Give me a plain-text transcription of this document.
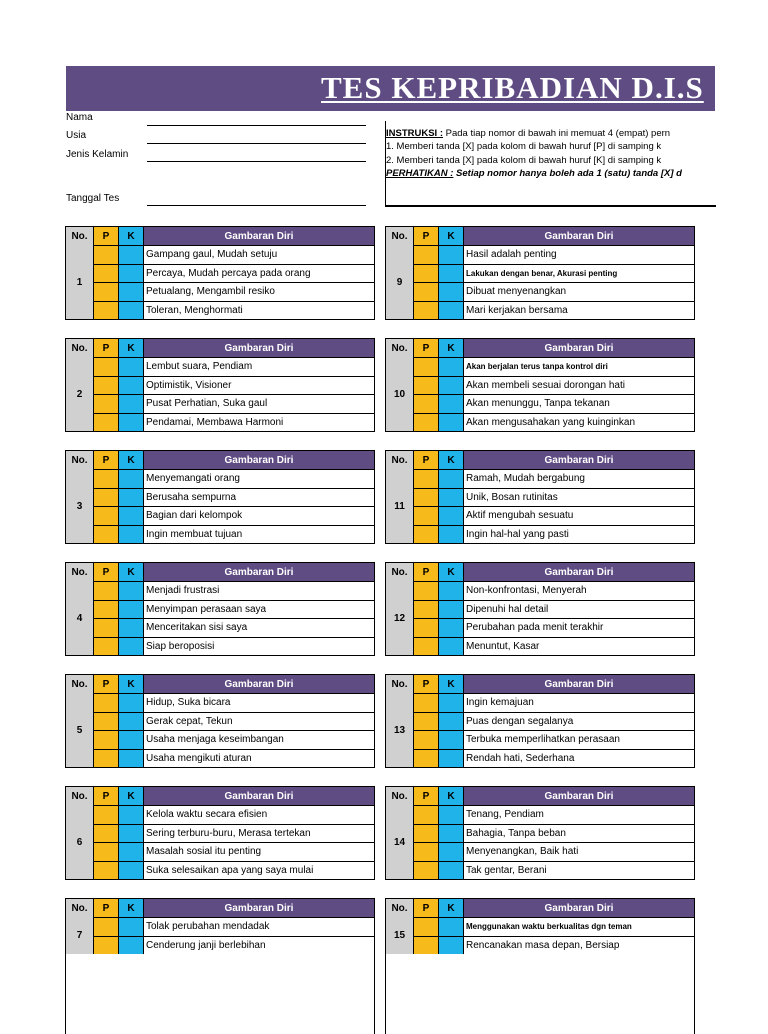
TES KEPRIBADIAN D.I.S
Nama
Usia
Jenis Kelamin
Tanggal Tes
INSTRUKSI : Pada tiap nomor di bawah ini memuat 4 (empat) pern
1. Memberi tanda [X] pada kolom di bawah huruf [P] di samping k
2. Memberi tanda [X] pada kolom di bawah huruf [K] di samping k
PERHATIKAN : Setiap nomor hanya boleh ada 1 (satu) tanda [X] d
No.	P	K	Gambaran Diri
1
Gampang gaul, Mudah setuju
Percaya, Mudah percaya pada orang
Petualang, Mengambil resiko
Toleran, Menghormati
No.	P	K	Gambaran Diri
2
Lembut suara, Pendiam
Optimistik, Visioner
Pusat Perhatian, Suka gaul
Pendamai, Membawa Harmoni
No.	P	K	Gambaran Diri
3
Menyemangati orang
Berusaha sempurna
Bagian dari kelompok
Ingin membuat tujuan
No.	P	K	Gambaran Diri
4
Menjadi frustrasi
Menyimpan perasaan saya
Menceritakan sisi saya
Siap beroposisi
No.	P	K	Gambaran Diri
5
Hidup, Suka bicara
Gerak cepat, Tekun
Usaha menjaga keseimbangan
Usaha mengikuti aturan
No.	P	K	Gambaran Diri
6
Kelola waktu secara efisien
Sering terburu-buru, Merasa tertekan
Masalah sosial itu penting
Suka selesaikan apa yang saya mulai
No.	P	K	Gambaran Diri
7
Tolak perubahan mendadak
Cenderung janji berlebihan
No.	P	K	Gambaran Diri
9
Hasil adalah penting
Lakukan dengan benar, Akurasi penting
Dibuat menyenangkan
Mari kerjakan bersama
No.	P	K	Gambaran Diri
10
Akan berjalan terus tanpa kontrol diri
Akan membeli sesuai dorongan hati
Akan menunggu, Tanpa tekanan
Akan mengusahakan yang kuinginkan
No.	P	K	Gambaran Diri
11
Ramah, Mudah bergabung
Unik, Bosan rutinitas
Aktif mengubah sesuatu
Ingin hal-hal yang pasti
No.	P	K	Gambaran Diri
12
Non-konfrontasi, Menyerah
Dipenuhi hal detail
Perubahan pada menit terakhir
Menuntut, Kasar
No.	P	K	Gambaran Diri
13
Ingin kemajuan
Puas dengan segalanya
Terbuka memperlihatkan perasaan
Rendah hati, Sederhana
No.	P	K	Gambaran Diri
14
Tenang, Pendiam
Bahagia, Tanpa beban
Menyenangkan, Baik hati
Tak gentar, Berani
No.	P	K	Gambaran Diri
15
Menggunakan waktu berkualitas dgn teman
Rencanakan masa depan, Bersiap
